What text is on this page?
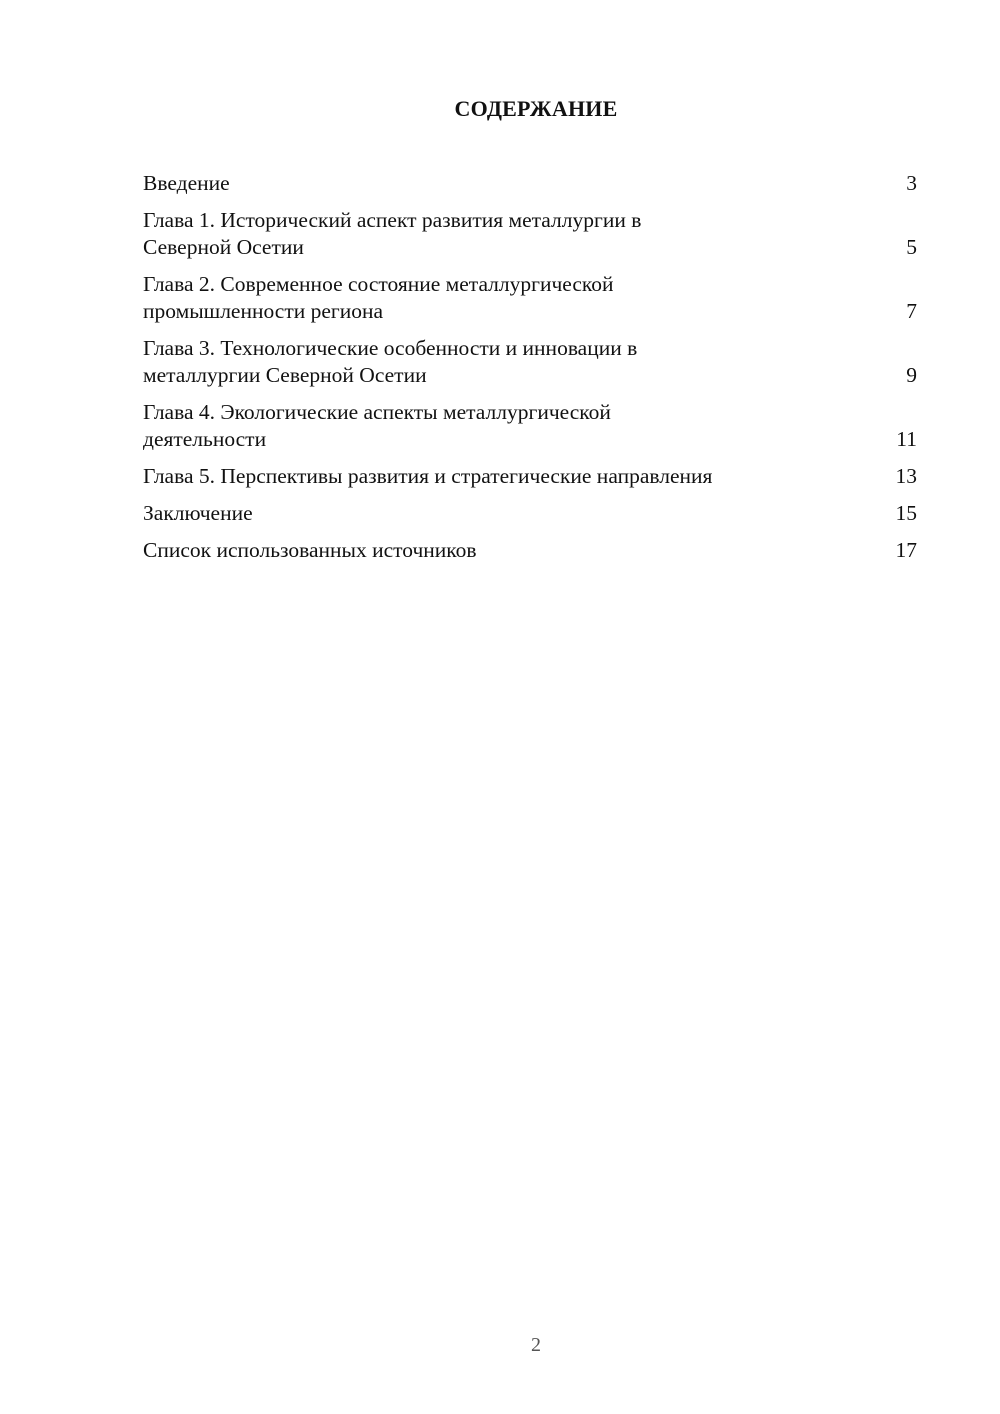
СОДЕРЖАНИЕ
Введение	3
Глава 1. Исторический аспект развития металлургии в
Северной Осетии	5
Глава 2. Современное состояние металлургической
промышленности региона	7
Глава 3. Технологические особенности и инновации в
металлургии Северной Осетии	9
Глава 4. Экологические аспекты металлургической
деятельности	11
Глава 5. Перспективы развития и стратегические направления	13
Заключение	15
Список использованных источников	17
2
